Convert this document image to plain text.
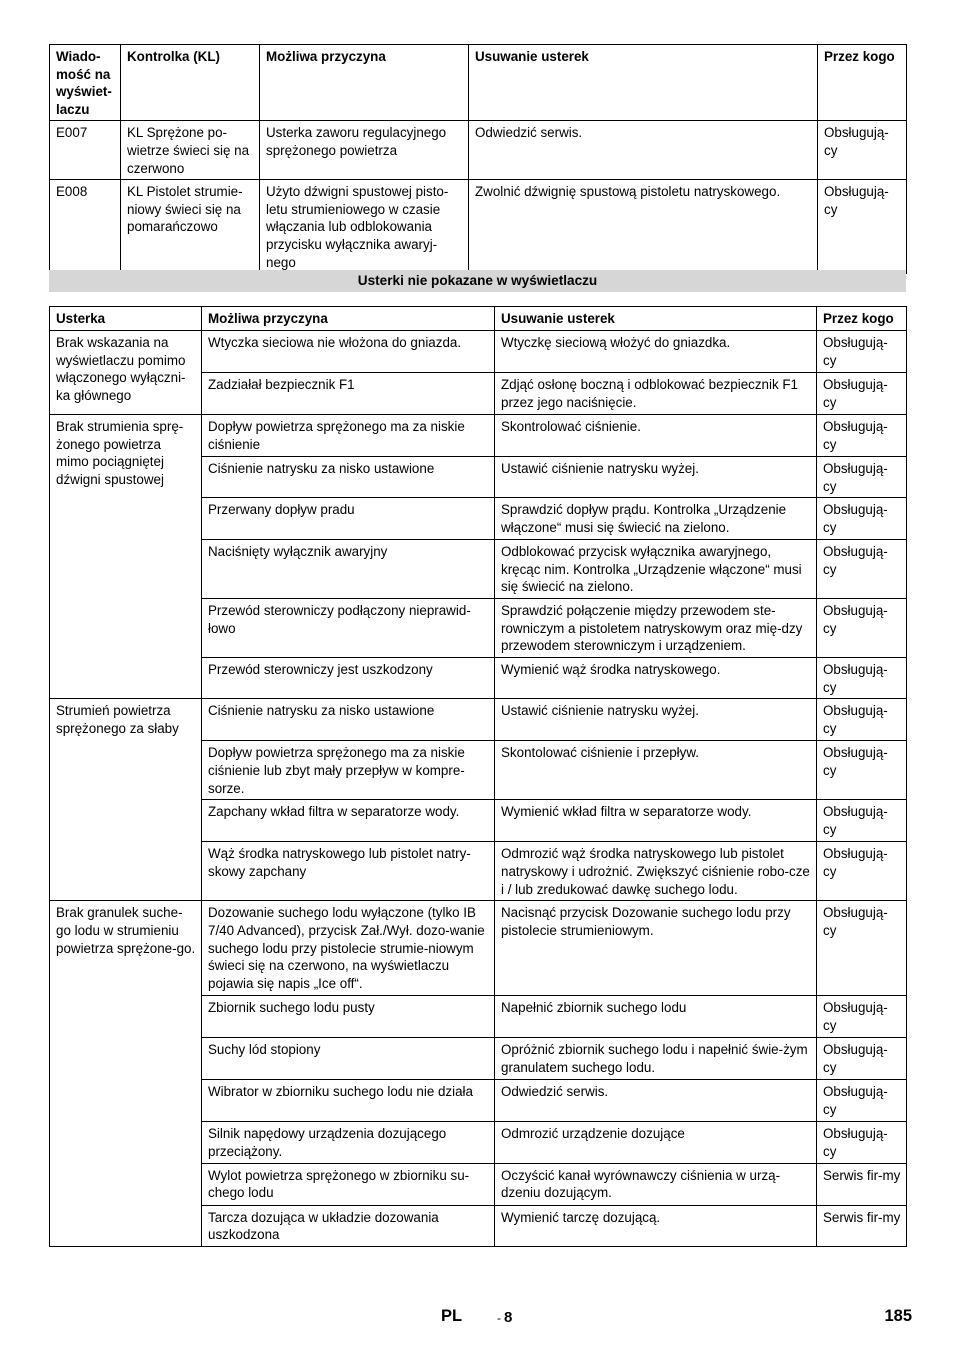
Wiado-mość na wyświet-laczu	Kontrolka (KL)	Możliwa przyczyna	Usuwanie usterek	Przez kogo
E007	KL Sprężone po-wietrze świeci się na czerwono	Usterka zaworu regulacyjnego sprężonego powietrza	Odwiedzić serwis.	Obsługują-cy
E008	KL Pistolet strumie-niowy świeci się na pomarańczowo	Użyto dźwigni spustowej pisto-letu strumieniowego w czasie włączania lub odblokowania przycisku wyłącznika awaryj-nego	Zwolnić dźwignię spustową pistoletu natryskowego.	Obsługują-cy
Usterki nie pokazane w wyświetlaczu
Usterka	Możliwa przyczyna	Usuwanie usterek	Przez kogo
Brak wskazania na wyświetlaczu pomimo włączonego wyłączni-ka głównego	Wtyczka sieciowa nie włożona do gniazda.	Wtyczkę sieciową włożyć do gniazdka.	Obsługują-cy
	Zadziałał bezpiecznik F1	Zdjąć osłonę boczną i odblokować bezpiecznik F1 przez jego naciśnięcie.	Obsługują-cy
Brak strumienia sprę-żonego powietrza mimo pociągniętej dźwigni spustowej	Dopływ powietrza sprężonego ma za niskie ciśnienie	Skontrolować ciśnienie.	Obsługują-cy
	Ciśnienie natrysku za nisko ustawione	Ustawić ciśnienie natrysku wyżej.	Obsługują-cy
	Przerwany dopływ pradu	Sprawdzić dopływ prądu. Kontrolka „Urządzenie włączone“ musi się świecić na zielono.	Obsługują-cy
	Naciśnięty wyłącznik awaryjny	Odblokować przycisk wyłącznika awaryjnego, kręcąc nim. Kontrolka „Urządzenie włączone“ musi się świecić na zielono.	Obsługują-cy
	Przewód sterowniczy podłączony nieprawid-łowo	Sprawdzić połączenie między przewodem ste-rowniczym a pistoletem natryskowym oraz mię-dzy przewodem sterowniczym i urządzeniem.	Obsługują-cy
	Przewód sterowniczy jest uszkodzony	Wymienić wąż środka natryskowego.	Obsługują-cy
Strumień powietrza sprężonego za słaby	Ciśnienie natrysku za nisko ustawione	Ustawić ciśnienie natrysku wyżej.	Obsługują-cy
	Dopływ powietrza sprężonego ma za niskie ciśnienie lub zbyt mały przepływ w kompre-sorze.	Skontolować ciśnienie i przepływ.	Obsługują-cy
	Zapchany wkład filtra w separatorze wody.	Wymienić wkład filtra w separatorze wody.	Obsługują-cy
	Wąż środka natryskowego lub pistolet natry-skowy zapchany	Odmrozić wąż środka natryskowego lub pistolet natryskowy i udrożnić. Zwiększyć ciśnienie robo-cze i / lub zredukować dawkę suchego lodu.	Obsługują-cy
Brak granulek suche-go lodu w strumieniu powietrza sprężone-go.	Dozowanie suchego lodu wyłączone (tylko IB 7/40 Advanced), przycisk Zał./Wył. dozo-wanie suchego lodu przy pistolecie strumie-niowym świeci się na czerwono, na wyświetlaczu pojawia się napis „Ice off“.	Nacisnąć przycisk Dozowanie suchego lodu przy pistolecie strumieniowym.	Obsługują-cy
	Zbiornik suchego lodu pusty	Napełnić zbiornik suchego lodu	Obsługują-cy
	Suchy lód stopiony	Opróżnić zbiornik suchego lodu i napełnić świe-żym granulatem suchego lodu.	Obsługują-cy
	Wibrator w zbiorniku suchego lodu nie działa	Odwiedzić serwis.	Obsługują-cy
	Silnik napędowy urządzenia dozującego przeciążony.	Odmrozić urządzenie dozujące	Obsługują-cy
	Wylot powietrza sprężonego w zbiorniku su-chego lodu	Oczyścić kanał wyrównawczy ciśnienia w urzą-dzeniu dozującym.	Serwis fir-my
	Tarcza dozująca w układzie dozowania uszkodzona	Wymienić tarczę dozującą.	Serwis fir-my
PL	- 8	185
